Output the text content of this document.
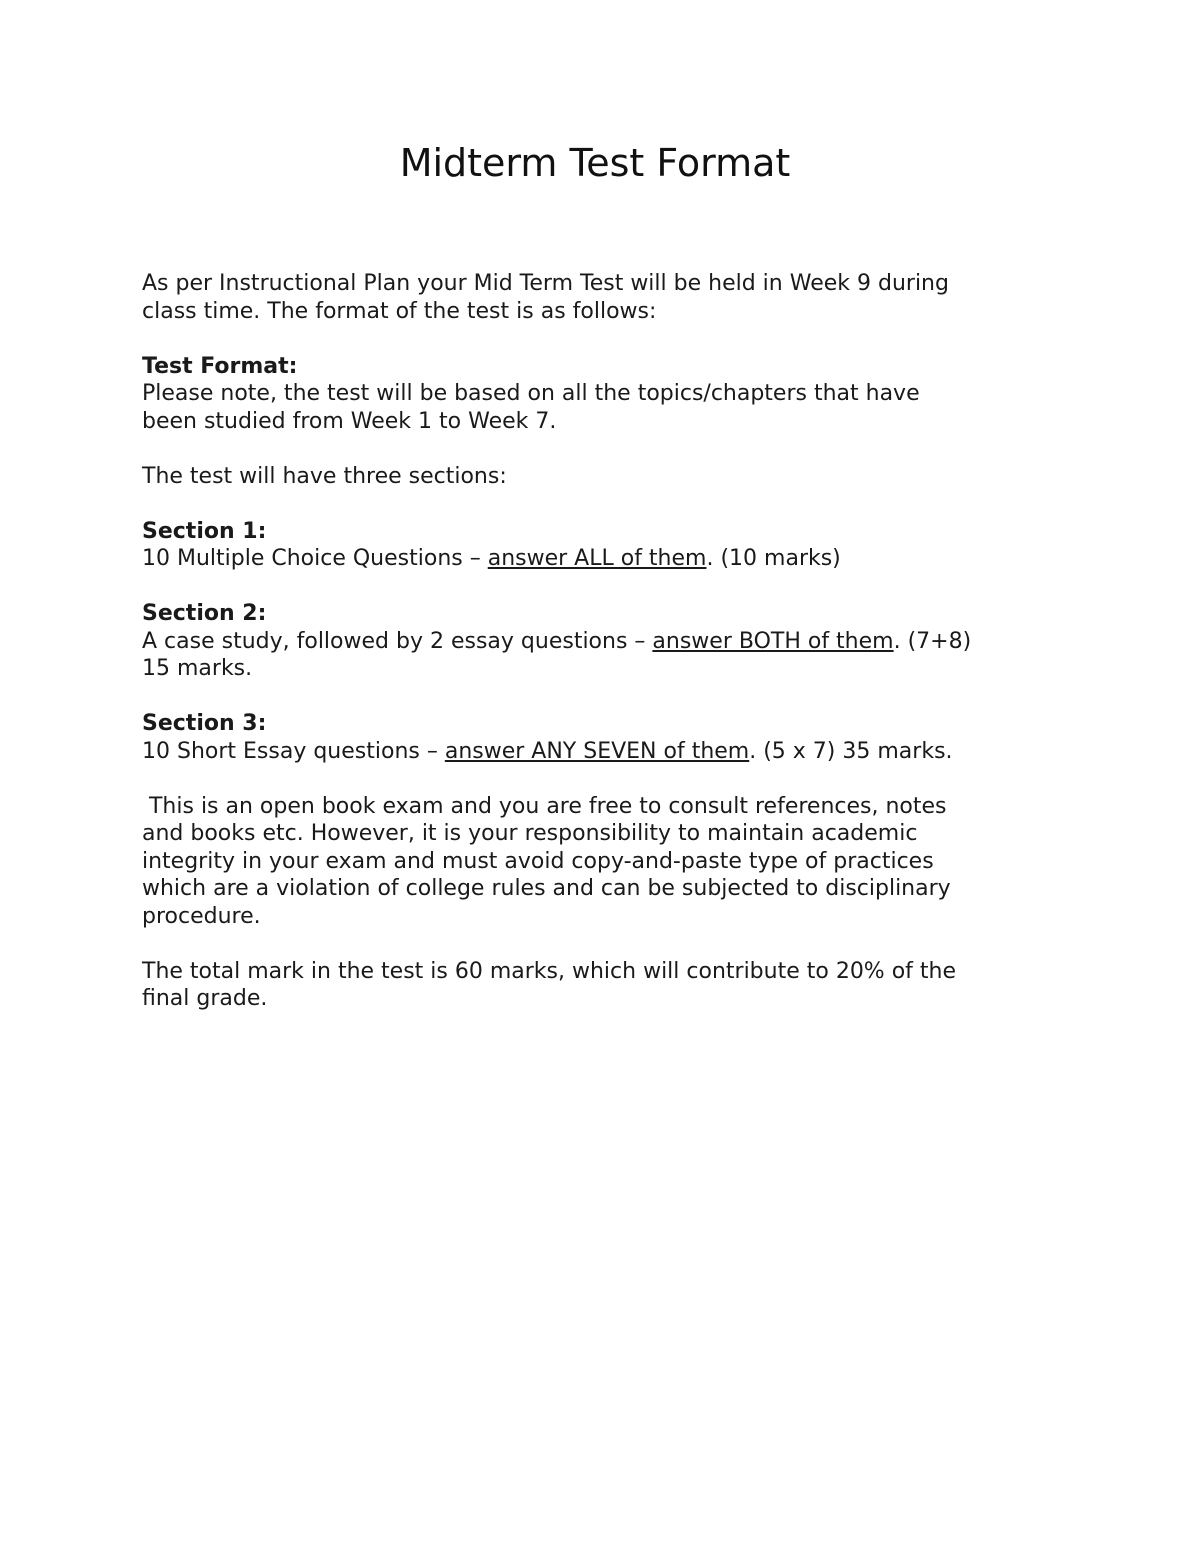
Midterm Test Format

As per Instructional Plan your Mid Term Test will be held in Week 9 during

class time. The format of the test is as follows:

Test Format:

Please note, the test will be based on all the topics/chapters that have

been studied from Week 1 to Week 7.

The test will have three sections:

Section 1:

10 Multiple Choice Questions – answer ALL of them. (10 marks)

Section 2:

A case study, followed by 2 essay questions – answer BOTH of them. (7+8)

15 marks.

Section 3:

10 Short Essay questions – answer ANY SEVEN of them. (5 x 7) 35 marks.

This is an open book exam and you are free to consult references, notes

and books etc. However, it is your responsibility to maintain academic

integrity in your exam and must avoid copy-and-paste type of practices

which are a violation of college rules and can be subjected to disciplinary

procedure.

The total mark in the test is 60 marks, which will contribute to 20% of the

final grade.
